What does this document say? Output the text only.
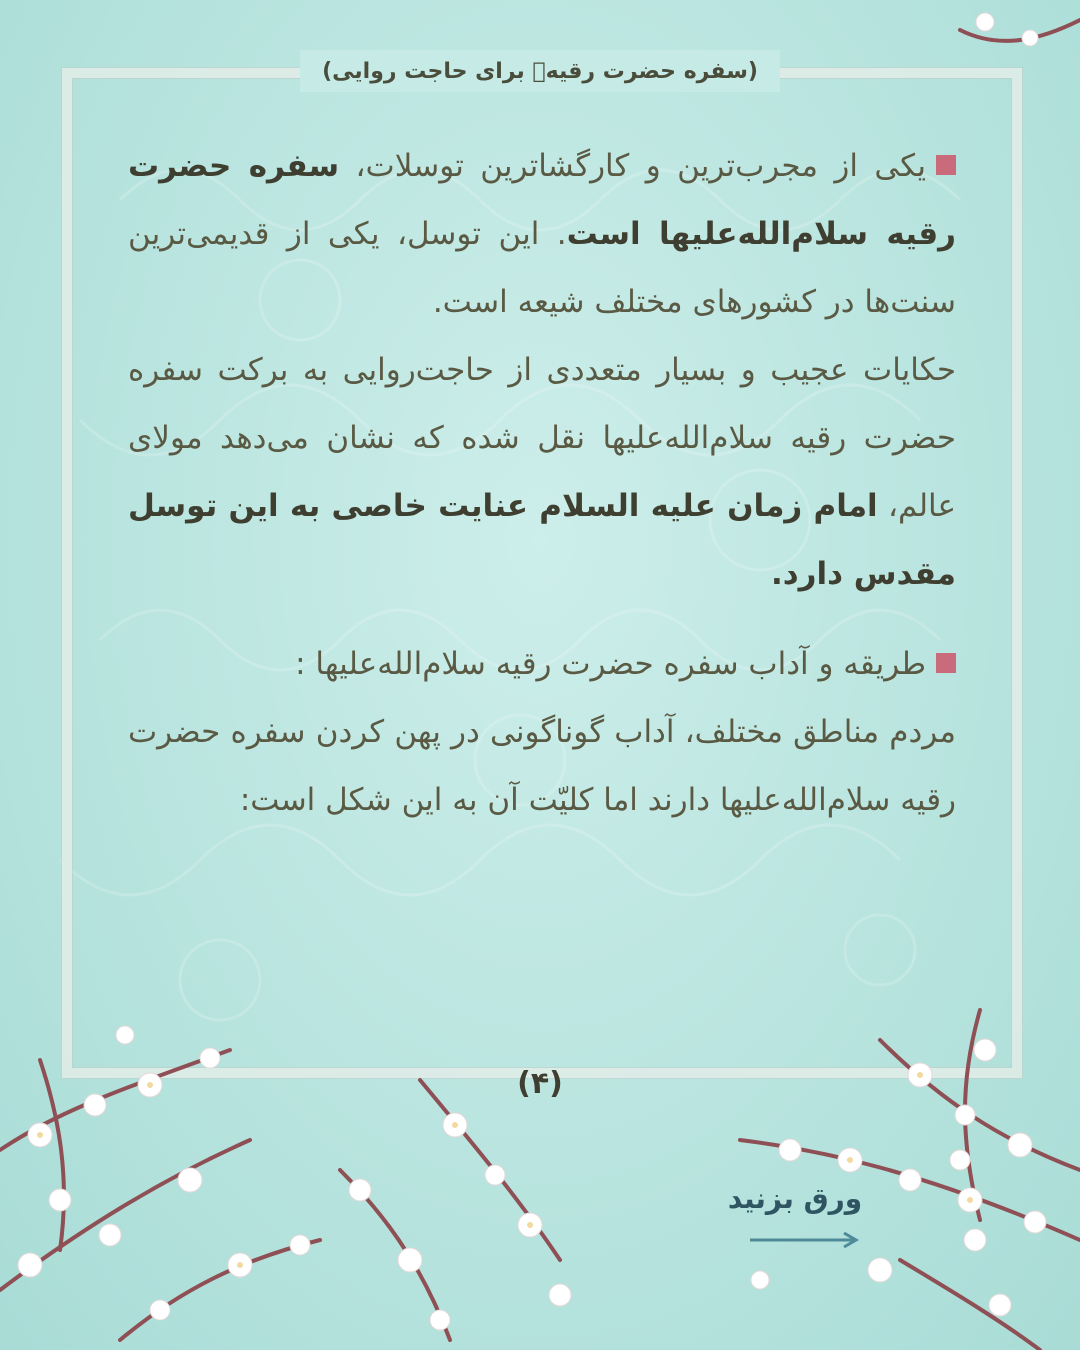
(سفره حضرت رقیهؑ برای حاجت روایی)

یکی از مجرب‌ترین و کارگشاترین توسلات، سفره حضرت رقیه سلام‌الله‌علیها است. این توسل، یکی از قدیمی‌ترین سنت‌ها در کشورهای مختلف شیعه است.

حکایات عجیب و بسیار متعددی از حاجت‌روایی به برکت سفره حضرت رقیه سلام‌الله‌علیها نقل شده که نشان می‌دهد مولای عالم، امام زمان علیه السلام عنایت خاصی به این توسل مقدس دارد.

طریقه و آداب سفره حضرت رقیه سلام‌الله‌علیها :

مردم مناطق مختلف، آداب گوناگونی در پهن کردن سفره حضرت رقیه سلام‌الله‌علیها دارند اما کلیّت آن به این شکل است:

(۴)
ورق بزنید
